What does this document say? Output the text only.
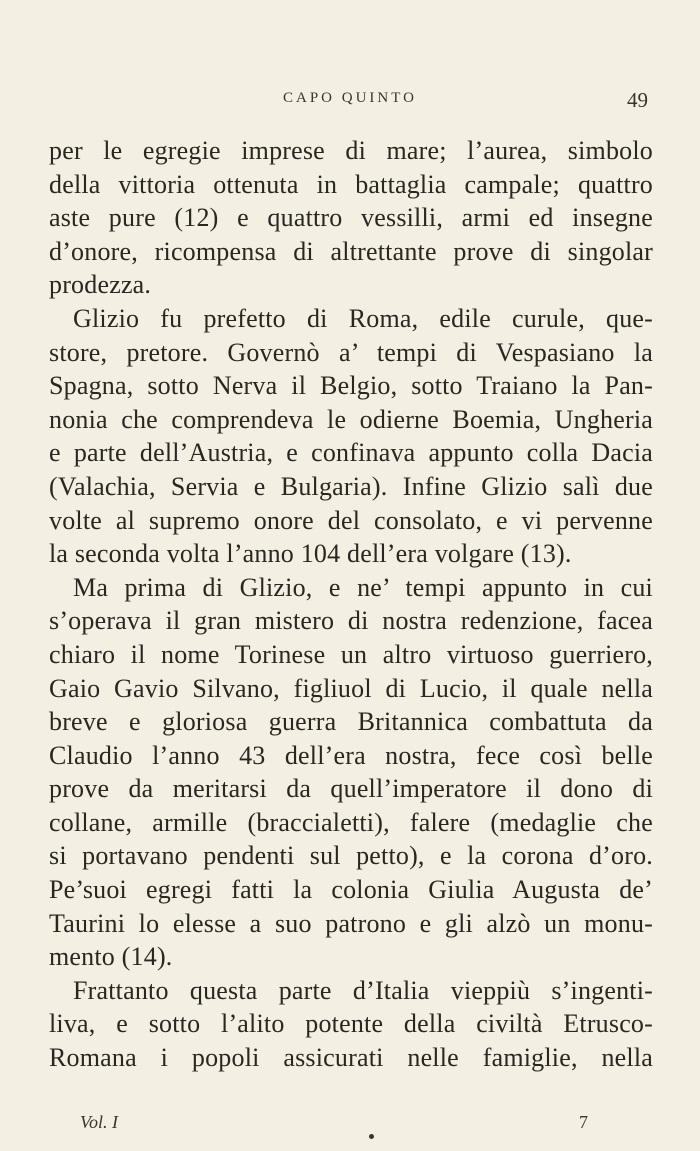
CAPO QUINTO	49
per le egregie imprese di mare; l’aurea, simbolo
della vittoria ottenuta in battaglia campale; quattro
aste pure (12) e quattro vessilli, armi ed insegne
d’onore, ricompensa di altrettante prove di singolar
prodezza.
Glizio fu prefetto di Roma, edile curule, que-
store, pretore. Governò a’ tempi di Vespasiano la
Spagna, sotto Nerva il Belgio, sotto Traiano la Pan-
nonia che comprendeva le odierne Boemia, Ungheria
e parte dell’Austria, e confinava appunto colla Dacia
(Valachia, Servia e Bulgaria). Infine Glizio salì due
volte al supremo onore del consolato, e vi pervenne
la seconda volta l’anno 104 dell’era volgare (13).
Ma prima di Glizio, e ne’ tempi appunto in cui
s’operava il gran mistero di nostra redenzione, facea
chiaro il nome Torinese un altro virtuoso guerriero,
Gaio Gavio Silvano, figliuol di Lucio, il quale nella
breve e gloriosa guerra Britannica combattuta da
Claudio l’anno 43 dell’era nostra, fece così belle
prove da meritarsi da quell’imperatore il dono di
collane, armille (braccialetti), falere (medaglie che
si portavano pendenti sul petto), e la corona d’oro.
Pe’suoi egregi fatti la colonia Giulia Augusta de’
Taurini lo elesse a suo patrono e gli alzò un monu-
mento (14).
Frattanto questa parte d’Italia vieppiù s’ingenti-
liva, e sotto l’alito potente della civiltà Etrusco-
Romana i popoli assicurati nelle famiglie, nella
Vol. I	7
